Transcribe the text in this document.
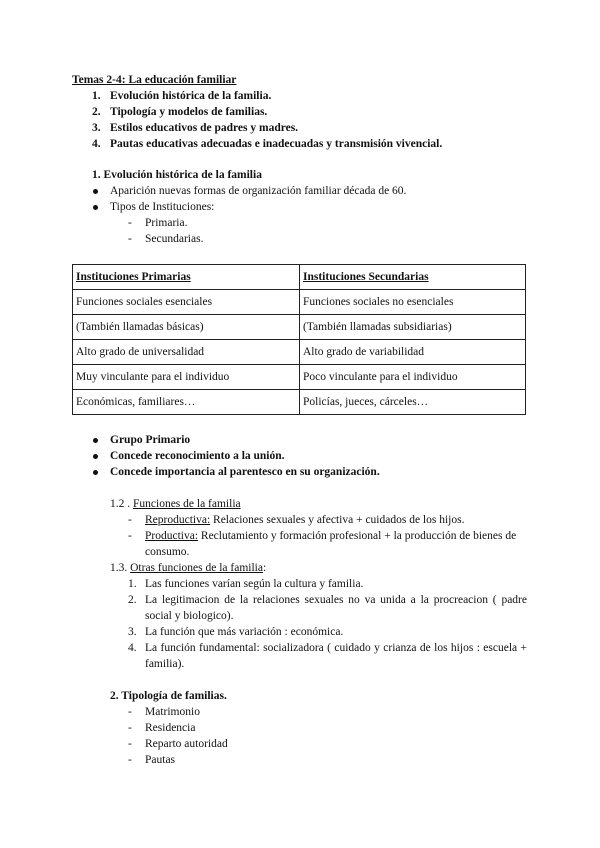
Temas 2-4: La educación familiar
1. Evolución histórica de la familia.
2. Tipología y modelos de familias.
3. Estilos educativos de padres y madres.
4. Pautas educativas adecuadas e inadecuadas y transmisión vivencial.
1. Evolución histórica de la familia
Aparición nuevas formas de organización familiar década de 60.
Tipos de Instituciones:
- Primaria.
- Secundarias.
Instituciones Primarias	Instituciones Secundarias
Funciones sociales esenciales	Funciones sociales no esenciales
(También llamadas básicas)	(También llamadas subsidiarias)
Alto grado de universalidad	Alto grado de variabilidad
Muy vinculante para el individuo	Poco vinculante para el individuo
Económicas, familiares…	Policías, jueces, cárceles…
Grupo Primario
Concede reconocimiento a la unión.
Concede importancia al parentesco en su organización.
1.2 . Funciones de la familia
- Reproductiva: Relaciones sexuales y afectiva + cuidados de los hijos.
- Productiva: Reclutamiento y formación profesional + la producción de bienes de consumo.
1.3. Otras funciones de la familia:
1. Las funciones varían según la cultura y familia.
2. La legitimacion de la relaciones sexuales no va unida a la procreacion ( padre social y biologico).
3. La función que más variación : económica.
4. La función fundamental: socializadora ( cuidado y crianza de los hijos : escuela + familia).
2. Tipología de familias.
- Matrimonio
- Residencia
- Reparto autoridad
- Pautas
